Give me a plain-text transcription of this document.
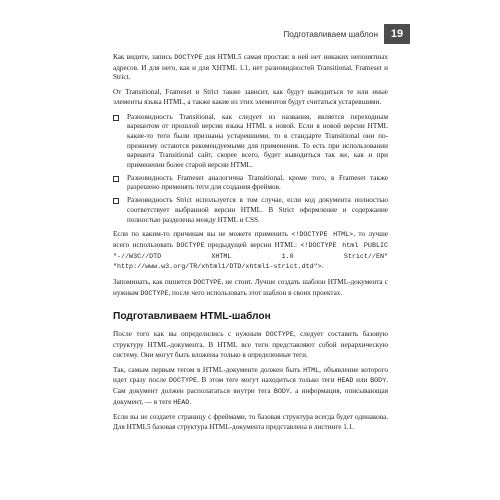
Подготавливаем шаблон	19

Как видите, запись DOCTYPE для HTML5 самая простая: в ней нет никаких непонятных адресов. И для него, как и для XHTML 1.1, нет разновидностей Transitional, Frameset и Strict.

От Transitional, Frameset и Strict также зависит, как будут выводиться те или иные элементы языка HTML, а также какие из этих элементов будут считаться устаревшими.

Разновидность Transitional, как следует из названия, является переходным вариантом от прошлой версии языка HTML к новой. Если в новой версии HTML какие-то теги были признаны устаревшими, то в стандарте Transitional они по-прежнему остаются рекомендуемыми для применения. То есть при использовании варианта Transitional сайт, скорее всего, будет выводиться так же, как и при применении более старой версии HTML.
Разновидность Frameset аналогична Transitional, кроме того, в Frameset также разрешено применять теги для создания фреймов.
Разновидность Strict используется в том случае, если код документа полностью соответствует выбранной версии HTML. В Strict оформление и содержание полностью разделены между HTML и CSS.

Если по каким-то причинам вы не можете применить <!DOCTYPE HTML>, то лучше всего использовать DOCTYPE предыдущей версии HTML: <!DOCTYPE html PUBLIC "-//W3C//DTD XHTML 1.0 Strict//EN" "http://www.w3.org/TR/xhtml1/DTD/xhtml1-strict.dtd">.

Запоминать, как пишется DOCTYPE, не стоит. Лучше создать шаблон HTML-документа с нужным DOCTYPE, после чего использовать этот шаблон в своих проектах.

Подготавливаем HTML-шаблон

После того как вы определились с нужным DOCTYPE, следует составить базовую структуру HTML-документа. В HTML все теги представляют собой иерархическую систему. Они могут быть вложены только в определенные теги.

Так, самым первым тегом в HTML-документе должен быть HTML, объявление которого идет сразу после DOCTYPE. В этом теге могут находиться только теги HEAD или BODY. Сам документ должен располагаться внутри тега BODY, а информация, описывающая документ, — в теге HEAD.

Если вы не создаете страницу с фреймами, то базовая структура всегда будет одинакова. Для HTML5 базовая структура HTML-документа представлена в листинге 1.1.
